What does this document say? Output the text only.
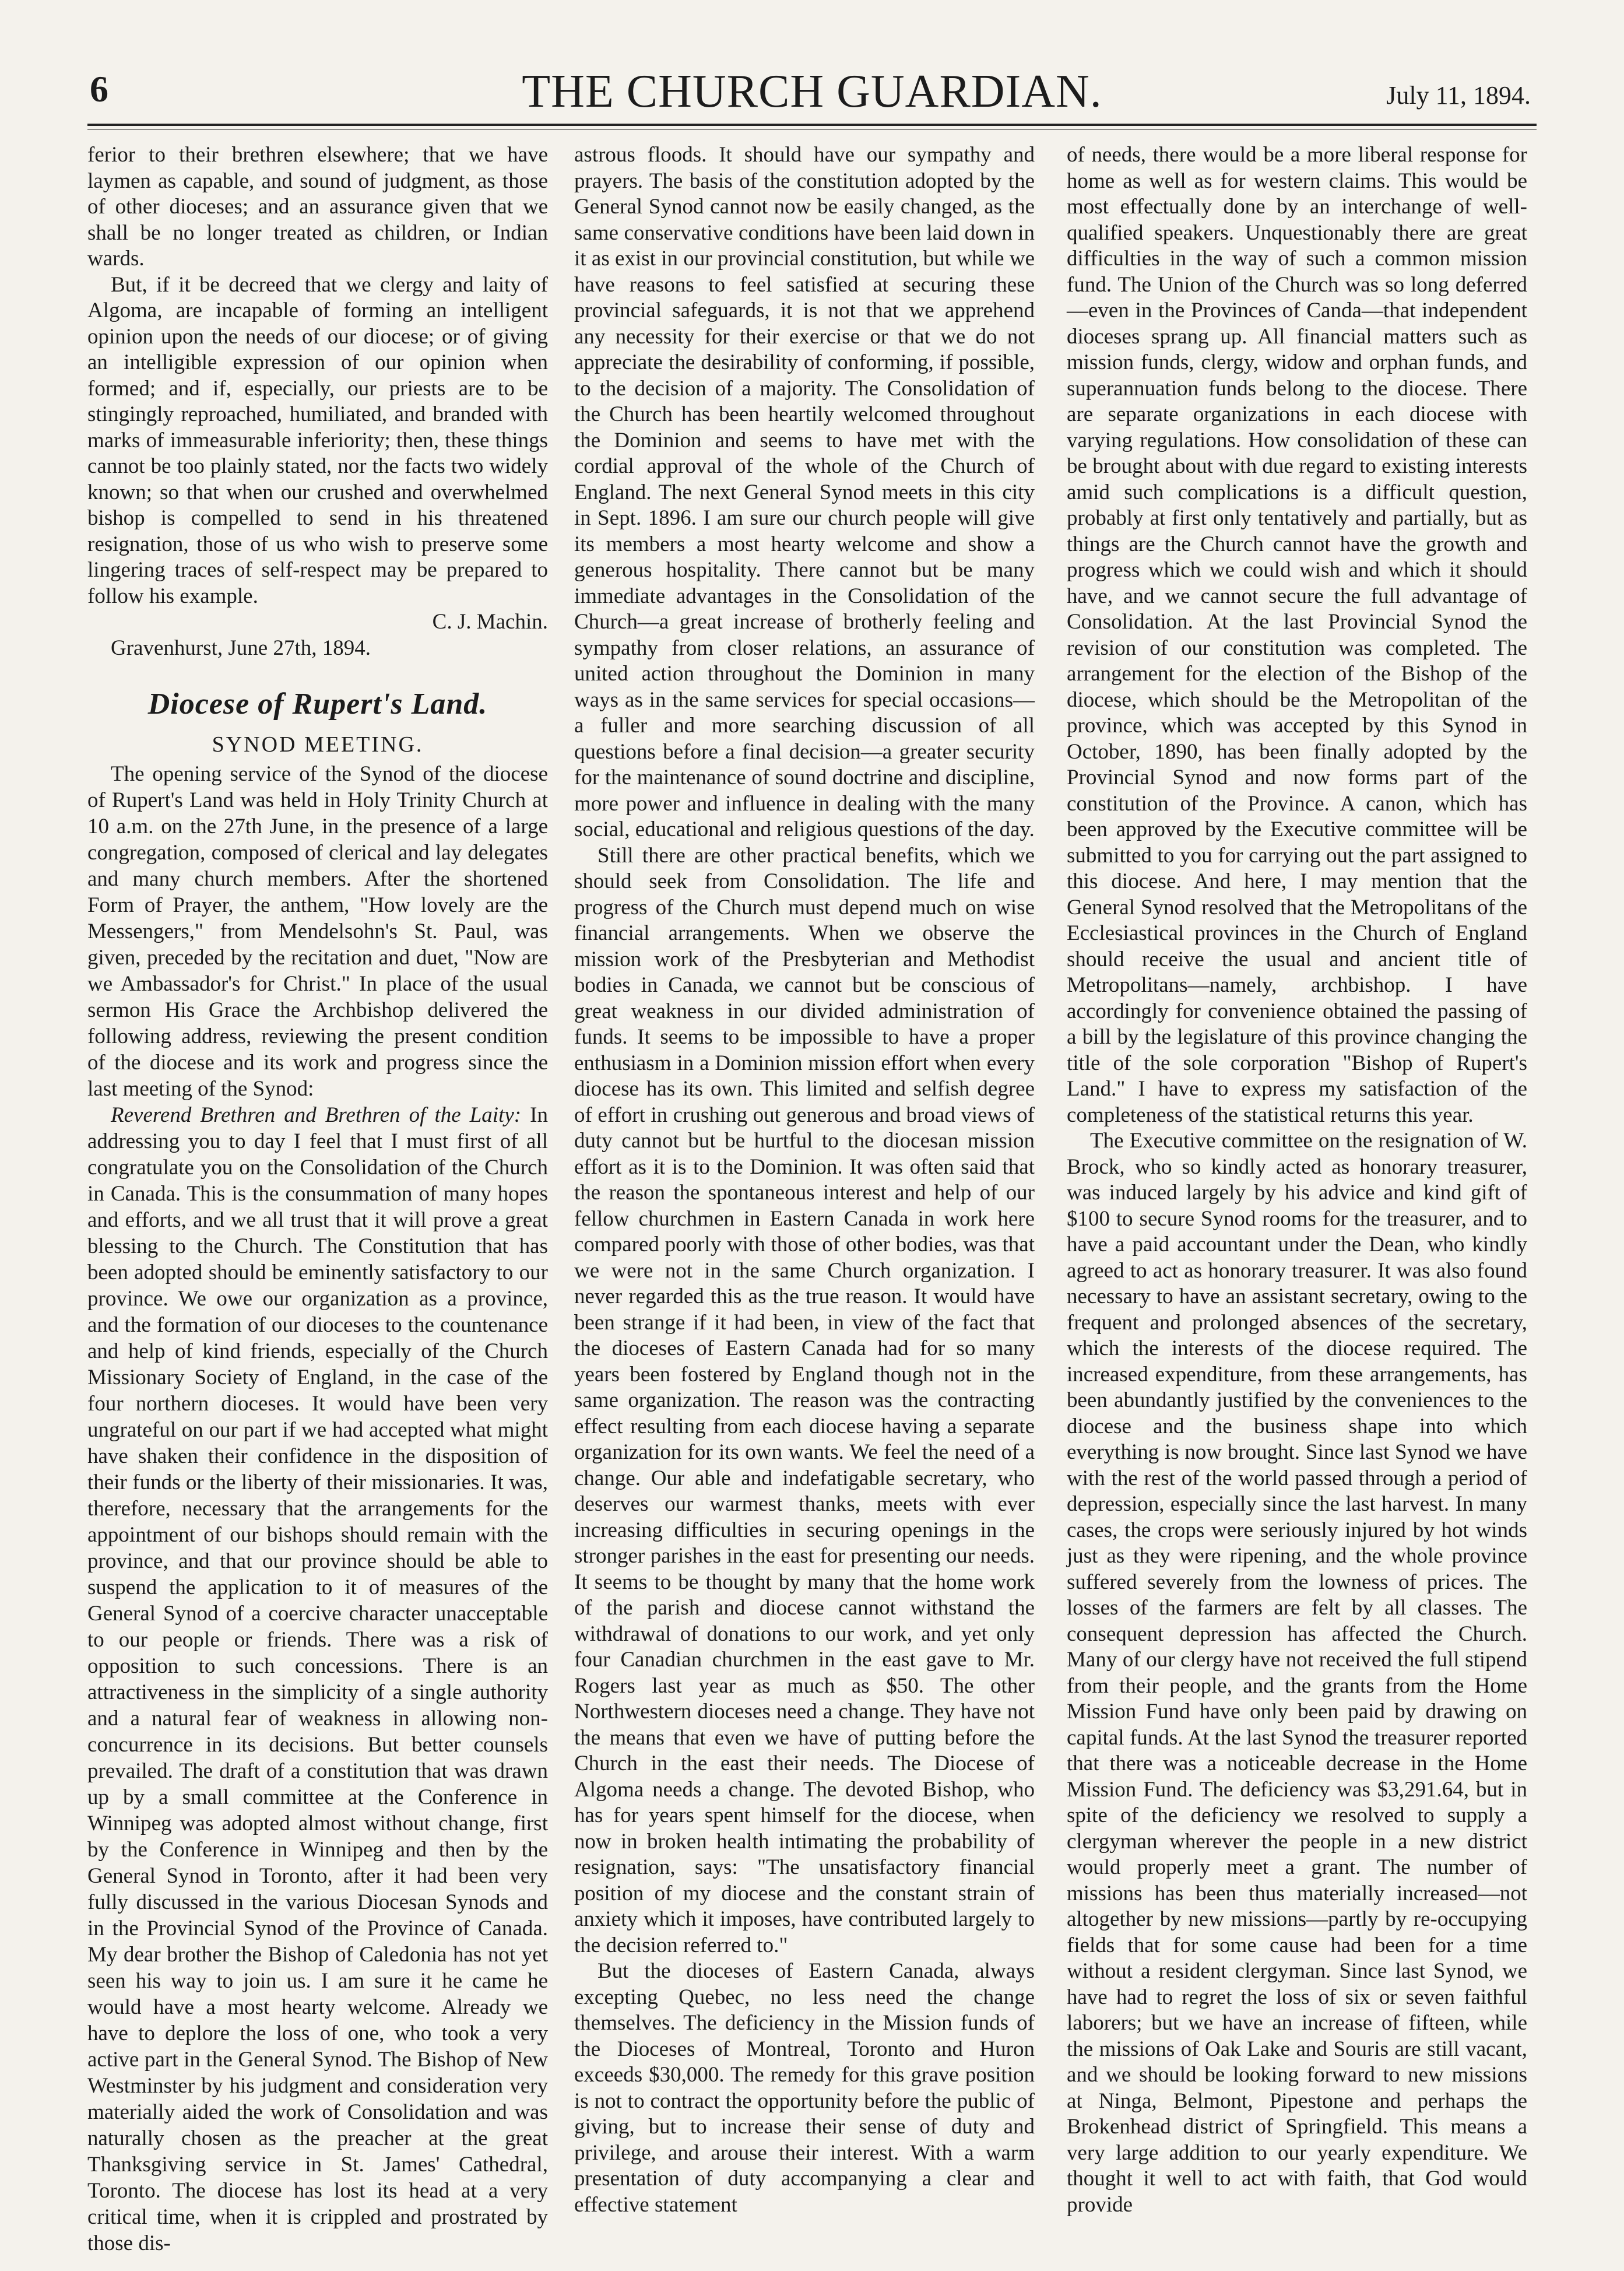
6	THE CHURCH GUARDIAN.	July 11, 1894.

ferior to their brethren elsewhere; that we have laymen as capable, and sound of judgment, as those of other dioceses; and an assurance given that we shall be no longer treated as children, or Indian wards.

But, if it be decreed that we clergy and laity of Algoma, are incapable of forming an intelligent opinion upon the needs of our diocese; or of giving an intelligible expression of our opinion when formed; and if, especially, our priests are to be stingingly reproached, humiliated, and branded with marks of immeasurable inferiority; then, these things cannot be too plainly stated, nor the facts two widely known; so that when our crushed and overwhelmed bishop is compelled to send in his threatened resignation, those of us who wish to preserve some lingering traces of self-respect may be prepared to follow his example.

C. J. Machin.

Gravenhurst, June 27th, 1894.

Diocese of Rupert's Land.
SYNOD MEETING.

The opening service of the Synod of the diocese of Rupert's Land was held in Holy Trinity Church at 10 a.m. on the 27th June, in the presence of a large congregation, composed of clerical and lay delegates and many church members. After the shortened Form of Prayer, the anthem, "How lovely are the Messengers," from Mendelsohn's St. Paul, was given, preceded by the recitation and duet, "Now are we Ambassador's for Christ." In place of the usual sermon His Grace the Archbishop delivered the following address, reviewing the present condition of the diocese and its work and progress since the last meeting of the Synod:

Reverend Brethren and Brethren of the Laity: In addressing you to day I feel that I must first of all congratulate you on the Consolidation of the Church in Canada. This is the consummation of many hopes and efforts, and we all trust that it will prove a great blessing to the Church. The Constitution that has been adopted should be eminently satisfactory to our province. We owe our organization as a province, and the formation of our dioceses to the countenance and help of kind friends, especially of the Church Missionary Society of England, in the case of the four northern dioceses. It would have been very ungrateful on our part if we had accepted what might have shaken their confidence in the disposition of their funds or the liberty of their missionaries. It was, therefore, necessary that the arrangements for the appointment of our bishops should remain with the province, and that our province should be able to suspend the application to it of measures of the General Synod of a coercive character unacceptable to our people or friends. There was a risk of opposition to such concessions. There is an attractiveness in the simplicity of a single authority and a natural fear of weakness in allowing non-concurrence in its decisions. But better counsels prevailed. The draft of a constitution that was drawn up by a small committee at the Conference in Winnipeg was adopted almost without change, first by the Conference in Winnipeg and then by the General Synod in Toronto, after it had been very fully discussed in the various Diocesan Synods and in the Provincial Synod of the Province of Canada. My dear brother the Bishop of Caledonia has not yet seen his way to join us. I am sure it he came he would have a most hearty welcome. Already we have to deplore the loss of one, who took a very active part in the General Synod. The Bishop of New Westminster by his judgment and consideration very materially aided the work of Consolidation and was naturally chosen as the preacher at the great Thanksgiving service in St. James' Cathedral, Toronto. The diocese has lost its head at a very critical time, when it is crippled and prostrated by those dis-

astrous floods. It should have our sympathy and prayers. The basis of the constitution adopted by the General Synod cannot now be easily changed, as the same conservative conditions have been laid down in it as exist in our provincial constitution, but while we have reasons to feel satisfied at securing these provincial safeguards, it is not that we apprehend any necessity for their exercise or that we do not appreciate the desirability of conforming, if possible, to the decision of a majority. The Consolidation of the Church has been heartily welcomed throughout the Dominion and seems to have met with the cordial approval of the whole of the Church of England. The next General Synod meets in this city in Sept. 1896. I am sure our church people will give its members a most hearty welcome and show a generous hospitality. There cannot but be many immediate advantages in the Consolidation of the Church—a great increase of brotherly feeling and sympathy from closer relations, an assurance of united action throughout the Dominion in many ways as in the same services for special occasions—a fuller and more searching discussion of all questions before a final decision—a greater security for the maintenance of sound doctrine and discipline, more power and influence in dealing with the many social, educational and religious questions of the day.

Still there are other practical benefits, which we should seek from Consolidation. The life and progress of the Church must depend much on wise financial arrangements. When we observe the mission work of the Presbyterian and Methodist bodies in Canada, we cannot but be conscious of great weakness in our divided administration of funds. It seems to be impossible to have a proper enthusiasm in a Dominion mission effort when every diocese has its own. This limited and selfish degree of effort in crushing out generous and broad views of duty cannot but be hurtful to the diocesan mission effort as it is to the Dominion. It was often said that the reason the spontaneous interest and help of our fellow churchmen in Eastern Canada in work here compared poorly with those of other bodies, was that we were not in the same Church organization. I never regarded this as the true reason. It would have been strange if it had been, in view of the fact that the dioceses of Eastern Canada had for so many years been fostered by England though not in the same organization. The reason was the contracting effect resulting from each diocese having a separate organization for its own wants. We feel the need of a change. Our able and indefatigable secretary, who deserves our warmest thanks, meets with ever increasing difficulties in securing openings in the stronger parishes in the east for presenting our needs. It seems to be thought by many that the home work of the parish and diocese cannot withstand the withdrawal of donations to our work, and yet only four Canadian churchmen in the east gave to Mr. Rogers last year as much as $50. The other Northwestern dioceses need a change. They have not the means that even we have of putting before the Church in the east their needs. The Diocese of Algoma needs a change. The devoted Bishop, who has for years spent himself for the diocese, when now in broken health intimating the probability of resignation, says: "The unsatisfactory financial position of my diocese and the constant strain of anxiety which it imposes, have contributed largely to the decision referred to."

But the dioceses of Eastern Canada, always excepting Quebec, no less need the change themselves. The deficiency in the Mission funds of the Dioceses of Montreal, Toronto and Huron exceeds $30,000. The remedy for this grave position is not to contract the opportunity before the public of giving, but to increase their sense of duty and privilege, and arouse their interest. With a warm presentation of duty accompanying a clear and effective statement

of needs, there would be a more liberal response for home as well as for western claims. This would be most effectually done by an interchange of well-qualified speakers. Unquestionably there are great difficulties in the way of such a common mission fund. The Union of the Church was so long deferred—even in the Provinces of Canda—that independent dioceses sprang up. All financial matters such as mission funds, clergy, widow and orphan funds, and superannuation funds belong to the diocese. There are separate organizations in each diocese with varying regulations. How consolidation of these can be brought about with due regard to existing interests amid such complications is a difficult question, probably at first only tentatively and partially, but as things are the Church cannot have the growth and progress which we could wish and which it should have, and we cannot secure the full advantage of Consolidation. At the last Provincial Synod the revision of our constitution was completed. The arrangement for the election of the Bishop of the diocese, which should be the Metropolitan of the province, which was accepted by this Synod in October, 1890, has been finally adopted by the Provincial Synod and now forms part of the constitution of the Province. A canon, which has been approved by the Executive committee will be submitted to you for carrying out the part assigned to this diocese. And here, I may mention that the General Synod resolved that the Metropolitans of the Ecclesiastical provinces in the Church of England should receive the usual and ancient title of Metropolitans—namely, archbishop. I have accordingly for convenience obtained the passing of a bill by the legislature of this province changing the title of the sole corporation "Bishop of Rupert's Land." I have to express my satisfaction of the completeness of the statistical returns this year.

The Executive committee on the resignation of W. Brock, who so kindly acted as honorary treasurer, was induced largely by his advice and kind gift of $100 to secure Synod rooms for the treasurer, and to have a paid accountant under the Dean, who kindly agreed to act as honorary treasurer. It was also found necessary to have an assistant secretary, owing to the frequent and prolonged absences of the secretary, which the interests of the diocese required. The increased expenditure, from these arrangements, has been abundantly justified by the conveniences to the diocese and the business shape into which everything is now brought. Since last Synod we have with the rest of the world passed through a period of depression, especially since the last harvest. In many cases, the crops were seriously injured by hot winds just as they were ripening, and the whole province suffered severely from the lowness of prices. The losses of the farmers are felt by all classes. The consequent depression has affected the Church. Many of our clergy have not received the full stipend from their people, and the grants from the Home Mission Fund have only been paid by drawing on capital funds. At the last Synod the treasurer reported that there was a noticeable decrease in the Home Mission Fund. The deficiency was $3,291.64, but in spite of the deficiency we resolved to supply a clergyman wherever the people in a new district would properly meet a grant. The number of missions has been thus materially increased—not altogether by new missions—partly by re-occupying fields that for some cause had been for a time without a resident clergyman. Since last Synod, we have had to regret the loss of six or seven faithful laborers; but we have an increase of fifteen, while the missions of Oak Lake and Souris are still vacant, and we should be looking forward to new missions at Ninga, Belmont, Pipestone and perhaps the Brokenhead district of Springfield. This means a very large addition to our yearly expenditure. We thought it well to act with faith, that God would provide
